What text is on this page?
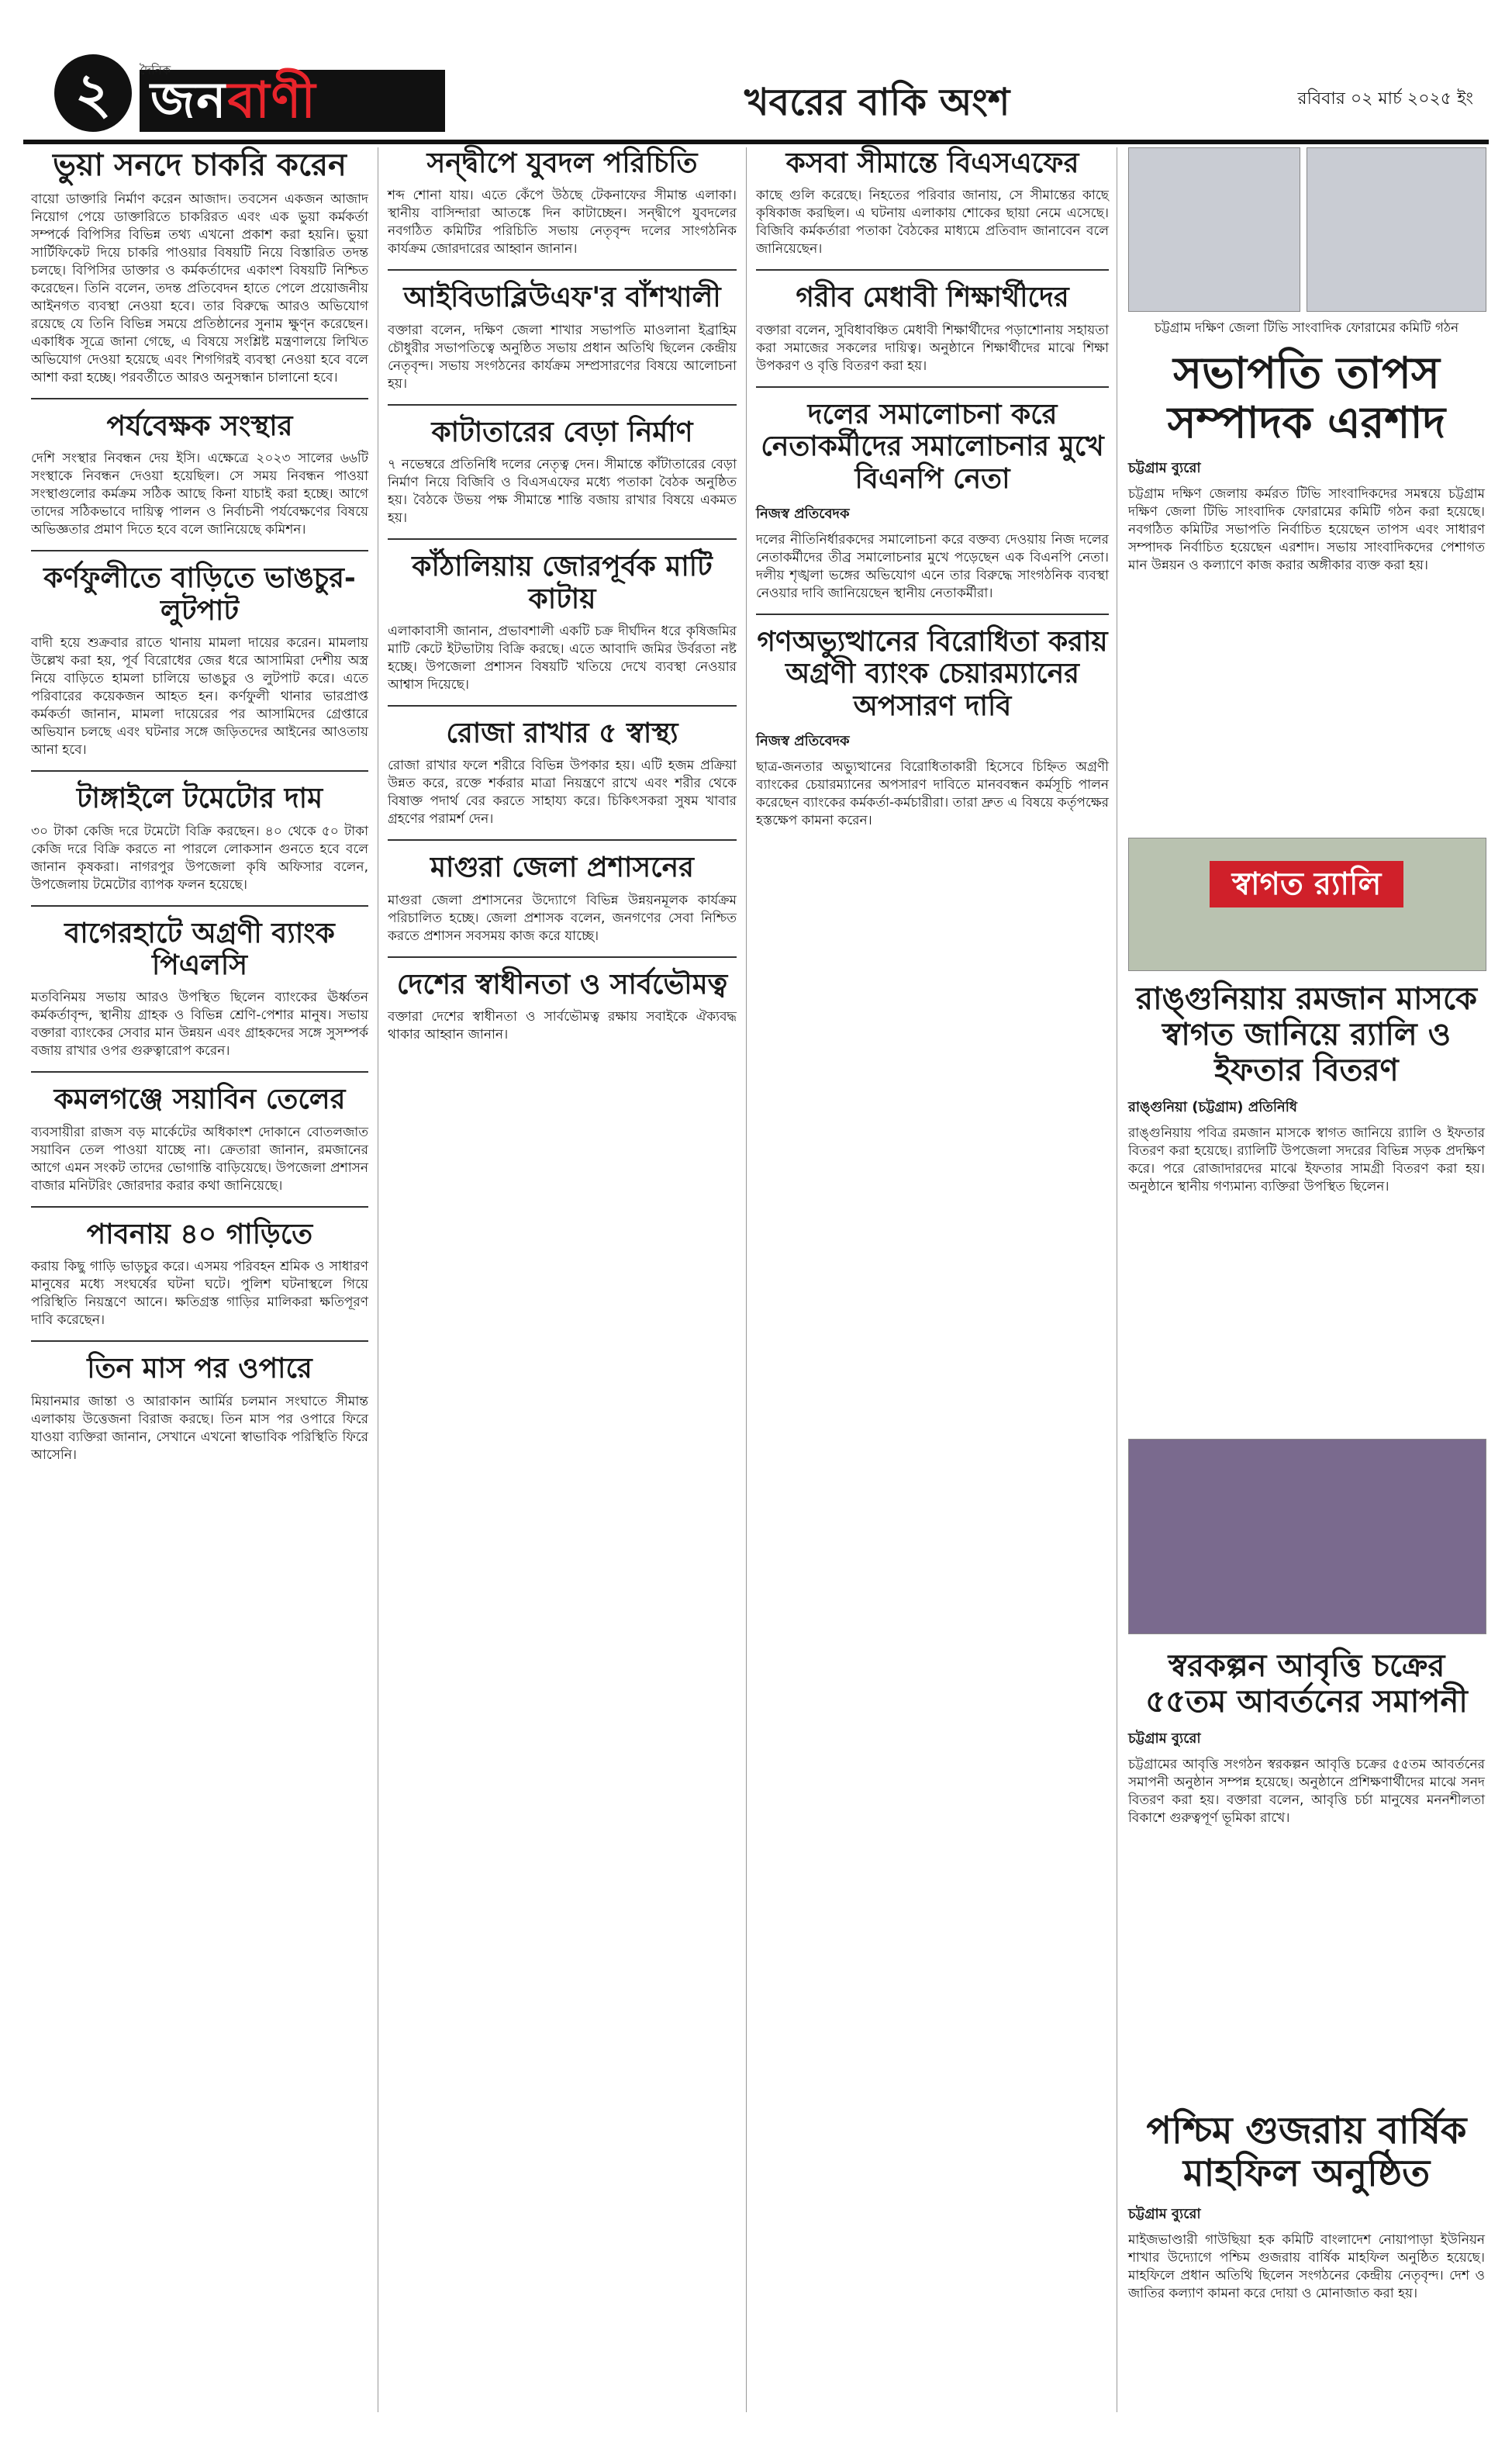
২ জনবাণী
দৈনিক
খবরের বাকি অংশ	রবিবার ০২ মার্চ ২০২৫ ইং
ভুয়া সনদে চাকরি করেন
বায়ো ডাক্তারি নির্মাণ করেন আজাদ। তবসেন একজন আজাদ নিয়োগ পেয়ে ডাক্তারিতে চাকরিরত এবং এক ভুয়া কর্মকর্তা সম্পর্কে বিপিসির বিভিন্ন তথ্য এখনো প্রকাশ করা হয়নি। ভুয়া সার্টিফিকেট দিয়ে চাকরি পাওয়ার বিষয়টি নিয়ে বিস্তারিত তদন্ত চলছে। বিপিসির ডাক্তার ও কর্মকর্তাদের একাংশ বিষয়টি নিশ্চিত করেছেন। তিনি বলেন, তদন্ত প্রতিবেদন হাতে পেলে প্রয়োজনীয় আইনগত ব্যবস্থা নেওয়া হবে। তার বিরুদ্ধে আরও অভিযোগ রয়েছে যে তিনি বিভিন্ন সময়ে প্রতিষ্ঠানের সুনাম ক্ষুণ্ন করেছেন। একাধিক সূত্রে জানা গেছে, এ বিষয়ে সংশ্লিষ্ট মন্ত্রণালয়ে লিখিত অভিযোগ দেওয়া হয়েছে এবং শিগগিরই ব্যবস্থা নেওয়া হবে বলে আশা করা হচ্ছে। পরবর্তীতে আরও অনুসন্ধান চালানো হবে।
পর্যবেক্ষক সংস্থার
দেশি সংস্থার নিবন্ধন দেয় ইসি। এক্ষেত্রে ২০২৩ সালের ৬৬টি সংস্থাকে নিবন্ধন দেওয়া হয়েছিল। সে সময় নিবন্ধন পাওয়া সংস্থাগুলোর কর্মক্রম সঠিক আছে কিনা যাচাই করা হচ্ছে। আগে তাদের সঠিকভাবে দায়িত্ব পালন ও নির্বাচনী পর্যবেক্ষণের বিষয়ে অভিজ্ঞতার প্রমাণ দিতে হবে বলে জানিয়েছে কমিশন।
কর্ণফুলীতে বাড়িতে ভাঙচুর-লুটপাট
বাদী হয়ে শুক্রবার রাতে থানায় মামলা দায়ের করেন। মামলায় উল্লেখ করা হয়, পূর্ব বিরোধের জের ধরে আসামিরা দেশীয় অস্ত্র নিয়ে বাড়িতে হামলা চালিয়ে ভাঙচুর ও লুটপাট করে। এতে পরিবারের কয়েকজন আহত হন। কর্ণফুলী থানার ভারপ্রাপ্ত কর্মকর্তা জানান, মামলা দায়েরের পর আসামিদের গ্রেপ্তারে অভিযান চলছে এবং ঘটনার সঙ্গে জড়িতদের আইনের আওতায় আনা হবে।
টাঙ্গাইলে টমেটোর দাম
৩০ টাকা কেজি দরে টমেটো বিক্রি করছেন। ৪০ থেকে ৫০ টাকা কেজি দরে বিক্রি করতে না পারলে লোকসান গুনতে হবে বলে জানান কৃষকরা। নাগরপুর উপজেলা কৃষি অফিসার বলেন, উপজেলায় টমেটোর ব্যাপক ফলন হয়েছে।
বাগেরহাটে অগ্রণী ব্যাংক পিএলসি
মতবিনিময় সভায় আরও উপস্থিত ছিলেন ব্যাংকের ঊর্ধ্বতন কর্মকর্তাবৃন্দ, স্থানীয় গ্রাহক ও বিভিন্ন শ্রেণি-পেশার মানুষ। সভায় বক্তারা ব্যাংকের সেবার মান উন্নয়ন এবং গ্রাহকদের সঙ্গে সুসম্পর্ক বজায় রাখার ওপর গুরুত্বারোপ করেন।
কমলগঞ্জে সয়াবিন তেলের
ব্যবসায়ীরা রাজস বড় মার্কেটের অধিকাংশ দোকানে বোতলজাত সয়াবিন তেল পাওয়া যাচ্ছে না। ক্রেতারা জানান, রমজানের আগে এমন সংকট তাদের ভোগান্তি বাড়িয়েছে। উপজেলা প্রশাসন বাজার মনিটরিং জোরদার করার কথা জানিয়েছে।
পাবনায় ৪০ গাড়িতে
করায় কিছু গাড়ি ভাড়চুর করে। এসময় পরিবহন শ্রমিক ও সাধারণ মানুষের মধ্যে সংঘর্ষের ঘটনা ঘটে। পুলিশ ঘটনাস্থলে গিয়ে পরিস্থিতি নিয়ন্ত্রণে আনে। ক্ষতিগ্রস্ত গাড়ির মালিকরা ক্ষতিপূরণ দাবি করেছেন।
তিন মাস পর ওপারে
মিয়ানমার জান্তা ও আরাকান আর্মির চলমান সংঘাতে সীমান্ত এলাকায় উত্তেজনা বিরাজ করছে। তিন মাস পর ওপারে ফিরে যাওয়া ব্যক্তিরা জানান, সেখানে এখনো স্বাভাবিক পরিস্থিতি ফিরে আসেনি।
সন্দ্বীপে যুবদল পরিচিতি
শব্দ শোনা যায়। এতে কেঁপে উঠছে টেকনাফের সীমান্ত এলাকা। স্থানীয় বাসিন্দারা আতঙ্কে দিন কাটাচ্ছেন। সন্দ্বীপে যুবদলের নবগঠিত কমিটির পরিচিতি সভায় নেতৃবৃন্দ দলের সাংগঠনিক কার্যক্রম জোরদারের আহ্বান জানান।
আইবিডাব্লিউএফ'র বাঁশখালী
বক্তারা বলেন, দক্ষিণ জেলা শাখার সভাপতি মাওলানা ইব্রাহিম চৌধুরীর সভাপতিত্বে অনুষ্ঠিত সভায় প্রধান অতিথি ছিলেন কেন্দ্রীয় নেতৃবৃন্দ। সভায় সংগঠনের কার্যক্রম সম্প্রসারণের বিষয়ে আলোচনা হয়।
কাটাতারের বেড়া নির্মাণ
৭ নভেম্বরে প্রতিনিধি দলের নেতৃত্ব দেন। সীমান্তে কাঁটাতারের বেড়া নির্মাণ নিয়ে বিজিবি ও বিএসএফের মধ্যে পতাকা বৈঠক অনুষ্ঠিত হয়। বৈঠকে উভয় পক্ষ সীমান্তে শান্তি বজায় রাখার বিষয়ে একমত হয়।
কাঁঠালিয়ায় জোরপূর্বক মাটি কাটায়
এলাকাবাসী জানান, প্রভাবশালী একটি চক্র দীর্ঘদিন ধরে কৃষিজমির মাটি কেটে ইটভাটায় বিক্রি করছে। এতে আবাদি জমির উর্বরতা নষ্ট হচ্ছে। উপজেলা প্রশাসন বিষয়টি খতিয়ে দেখে ব্যবস্থা নেওয়ার আশ্বাস দিয়েছে।
রোজা রাখার ৫ স্বাস্থ্য
রোজা রাখার ফলে শরীরে বিভিন্ন উপকার হয়। এটি হজম প্রক্রিয়া উন্নত করে, রক্তে শর্করার মাত্রা নিয়ন্ত্রণে রাখে এবং শরীর থেকে বিষাক্ত পদার্থ বের করতে সাহায্য করে। চিকিৎসকরা সুষম খাবার গ্রহণের পরামর্শ দেন।
মাগুরা জেলা প্রশাসনের
মাগুরা জেলা প্রশাসনের উদ্যোগে বিভিন্ন উন্নয়নমূলক কার্যক্রম পরিচালিত হচ্ছে। জেলা প্রশাসক বলেন, জনগণের সেবা নিশ্চিত করতে প্রশাসন সবসময় কাজ করে যাচ্ছে।
দেশের স্বাধীনতা ও সার্বভৌমত্ব
বক্তারা দেশের স্বাধীনতা ও সার্বভৌমত্ব রক্ষায় সবাইকে ঐক্যবদ্ধ থাকার আহ্বান জানান।
কসবা সীমান্তে বিএসএফের
কাছে গুলি করেছে। নিহতের পরিবার জানায়, সে সীমান্তের কাছে কৃষিকাজ করছিল। এ ঘটনায় এলাকায় শোকের ছায়া নেমে এসেছে। বিজিবি কর্মকর্তারা পতাকা বৈঠকের মাধ্যমে প্রতিবাদ জানাবেন বলে জানিয়েছেন।
গরীব মেধাবী শিক্ষার্থীদের
বক্তারা বলেন, সুবিধাবঞ্চিত মেধাবী শিক্ষার্থীদের পড়াশোনায় সহায়তা করা সমাজের সকলের দায়িত্ব। অনুষ্ঠানে শিক্ষার্থীদের মাঝে শিক্ষা উপকরণ ও বৃত্তি বিতরণ করা হয়।
দলের সমালোচনা করে নেতাকর্মীদের সমালোচনার মুখে বিএনপি নেতা
নিজস্ব প্রতিবেদক
দলের নীতিনির্ধারকদের সমালোচনা করে বক্তব্য দেওয়ায় নিজ দলের নেতাকর্মীদের তীব্র সমালোচনার মুখে পড়েছেন এক বিএনপি নেতা। দলীয় শৃঙ্খলা ভঙ্গের অভিযোগ এনে তার বিরুদ্ধে সাংগঠনিক ব্যবস্থা নেওয়ার দাবি জানিয়েছেন স্থানীয় নেতাকর্মীরা।
গণঅভ্যুত্থানের বিরোধিতা করায় অগ্রণী ব্যাংক চেয়ারম্যানের অপসারণ দাবি
নিজস্ব প্রতিবেদক
ছাত্র-জনতার অভ্যুত্থানের বিরোধিতাকারী হিসেবে চিহ্নিত অগ্রণী ব্যাংকের চেয়ারম্যানের অপসারণ দাবিতে মানববন্ধন কর্মসূচি পালন করেছেন ব্যাংকের কর্মকর্তা-কর্মচারীরা। তারা দ্রুত এ বিষয়ে কর্তৃপক্ষের হস্তক্ষেপ কামনা করেন।
চট্টগ্রাম দক্ষিণ জেলা টিভি সাংবাদিক ফোরামের কমিটি গঠন
সভাপতি তাপস সম্পাদক এরশাদ
চট্টগ্রাম ব্যুরো
চট্টগ্রাম দক্ষিণ জেলায় কর্মরত টিভি সাংবাদিকদের সমন্বয়ে চট্টগ্রাম দক্ষিণ জেলা টিভি সাংবাদিক ফোরামের কমিটি গঠন করা হয়েছে। নবগঠিত কমিটির সভাপতি নির্বাচিত হয়েছেন তাপস এবং সাধারণ সম্পাদক নির্বাচিত হয়েছেন এরশাদ। সভায় সাংবাদিকদের পেশাগত মান উন্নয়ন ও কল্যাণে কাজ করার অঙ্গীকার ব্যক্ত করা হয়।
স্বাগত র‍্যালি
রাঙ্গুনিয়ায় রমজান মাসকে স্বাগত জানিয়ে র‍্যালি ও ইফতার বিতরণ
রাঙ্গুনিয়া (চট্টগ্রাম) প্রতিনিধি
রাঙ্গুনিয়ায় পবিত্র রমজান মাসকে স্বাগত জানিয়ে র‍্যালি ও ইফতার বিতরণ করা হয়েছে। র‍্যালিটি উপজেলা সদরের বিভিন্ন সড়ক প্রদক্ষিণ করে। পরে রোজাদারদের মাঝে ইফতার সামগ্রী বিতরণ করা হয়। অনুষ্ঠানে স্থানীয় গণ্যমান্য ব্যক্তিরা উপস্থিত ছিলেন।
স্বরকল্পন আবৃত্তি চক্রের ৫৫তম আবর্তনের সমাপনী
চট্টগ্রাম ব্যুরো
চট্টগ্রামের আবৃত্তি সংগঠন স্বরকল্পন আবৃত্তি চক্রের ৫৫তম আবর্তনের সমাপনী অনুষ্ঠান সম্পন্ন হয়েছে। অনুষ্ঠানে প্রশিক্ষণার্থীদের মাঝে সনদ বিতরণ করা হয়। বক্তারা বলেন, আবৃত্তি চর্চা মানুষের মননশীলতা বিকাশে গুরুত্বপূর্ণ ভূমিকা রাখে।
পশ্চিম গুজরায় বার্ষিক মাহফিল অনুষ্ঠিত
চট্টগ্রাম ব্যুরো
মাইজভাণ্ডারী গাউছিয়া হক কমিটি বাংলাদেশ নোয়াপাড়া ইউনিয়ন শাখার উদ্যোগে পশ্চিম গুজরায় বার্ষিক মাহফিল অনুষ্ঠিত হয়েছে। মাহফিলে প্রধান অতিথি ছিলেন সংগঠনের কেন্দ্রীয় নেতৃবৃন্দ। দেশ ও জাতির কল্যাণ কামনা করে দোয়া ও মোনাজাত করা হয়।
